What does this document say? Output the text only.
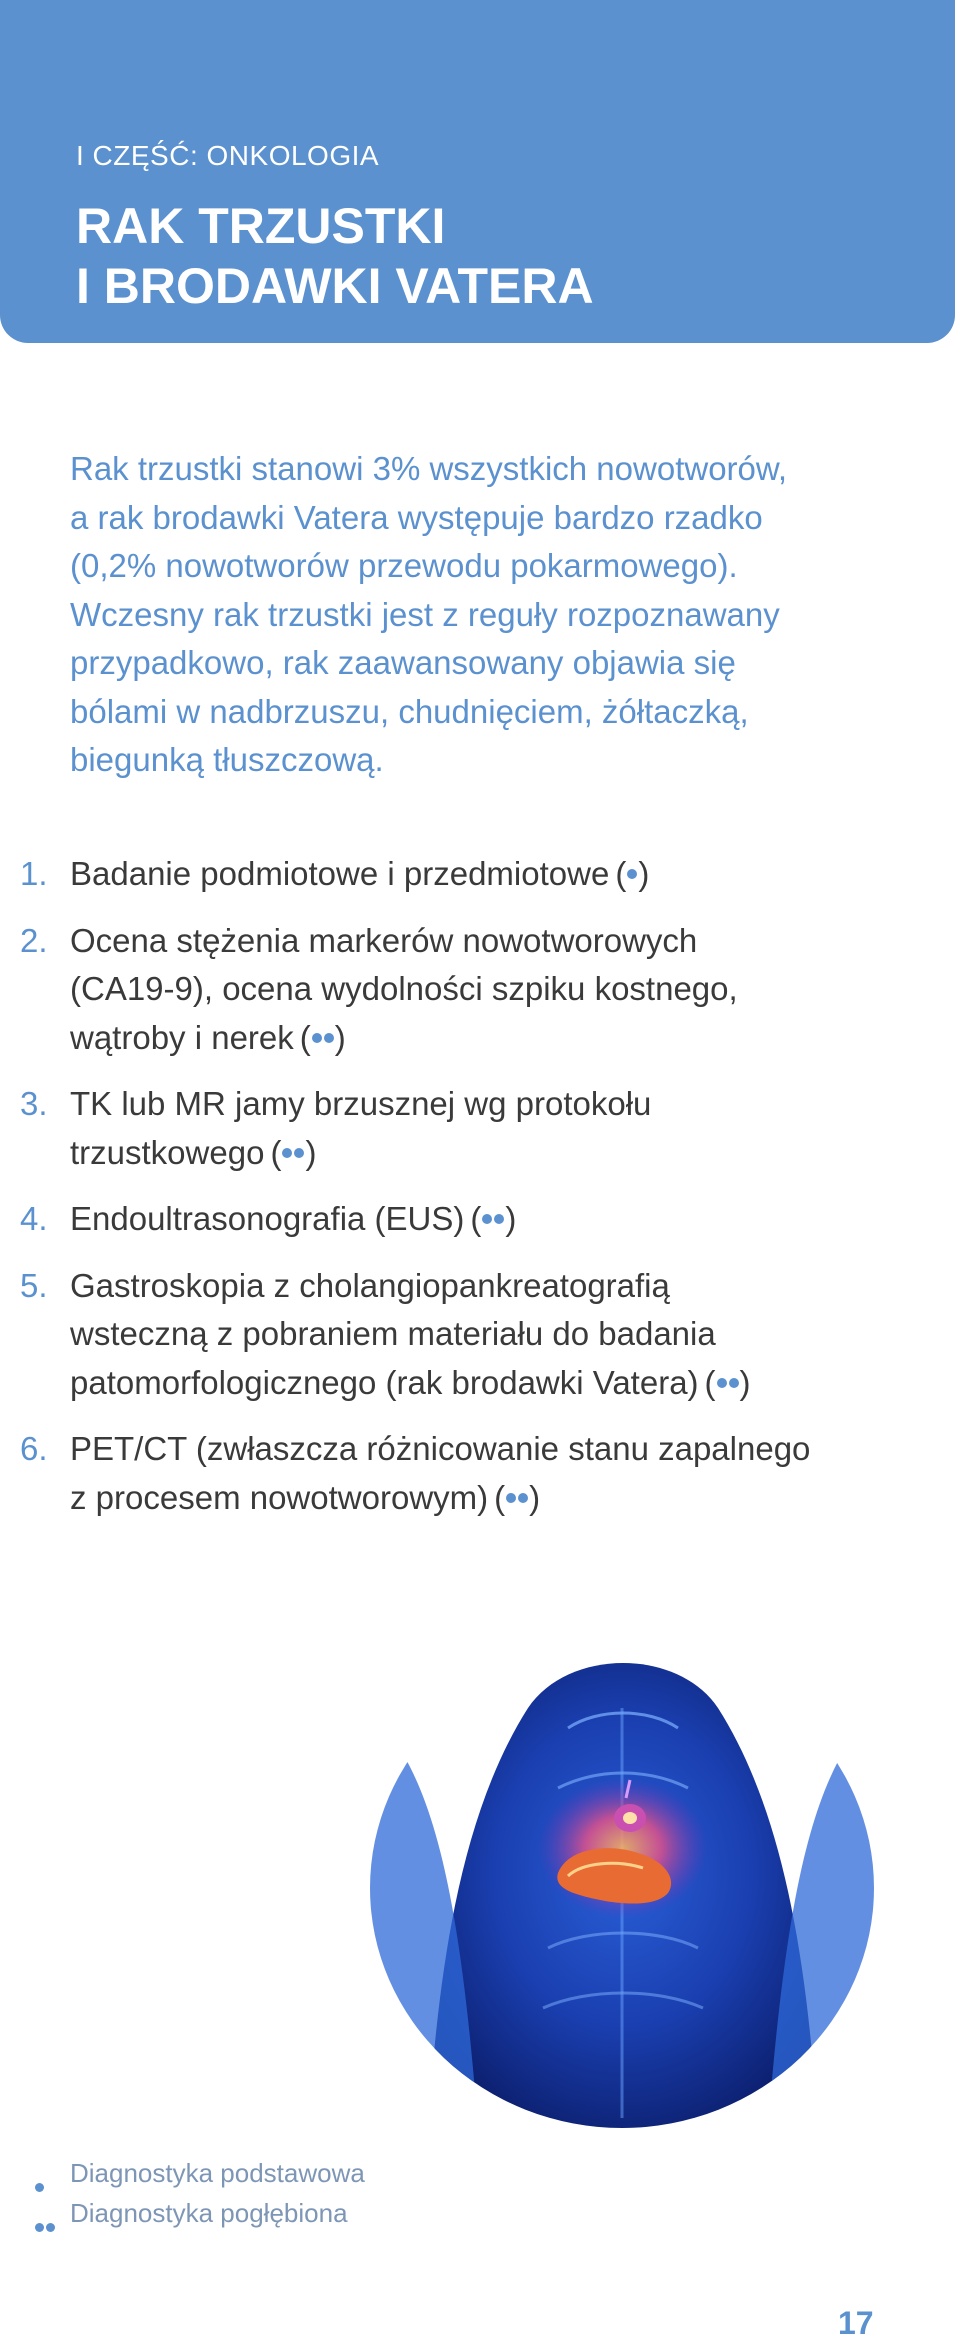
I CZĘŚĆ: ONKOLOGIA
RAK TRZUSTKI
I BRODAWKI VATERA
Rak trzustki stanowi 3% wszystkich nowotworów,
a rak brodawki Vatera występuje bardzo rzadko
(0,2% nowotworów przewodu pokarmowego).
Wczesny rak trzustki jest z reguły rozpoznawany
przypadkowo, rak zaawansowany objawia się
bólami w nadbrzuszu, chudnięciem, żółtaczką,
biegunką tłuszczową.
1. Badanie podmiotowe i przedmiotowe( )
2. Ocena stężenia markerów nowotworowych
(CA19-9), ocena wydolności szpiku kostnego,
wątroby i nerek( )
3. TK lub MR jamy brzusznej wg protokołu
trzustkowego( )
4. Endoultrasonografia (EUS)( )
5. Gastroskopia z cholangiopankreatografią
wsteczną z pobraniem materiału do badania
patomorfologicznego (rak brodawki Vatera)( )
6. PET/CT (zwłaszcza różnicowanie stanu zapalnego
z procesem nowotworowym)( )
Diagnostyka podstawowa
Diagnostyka pogłębiona
17
